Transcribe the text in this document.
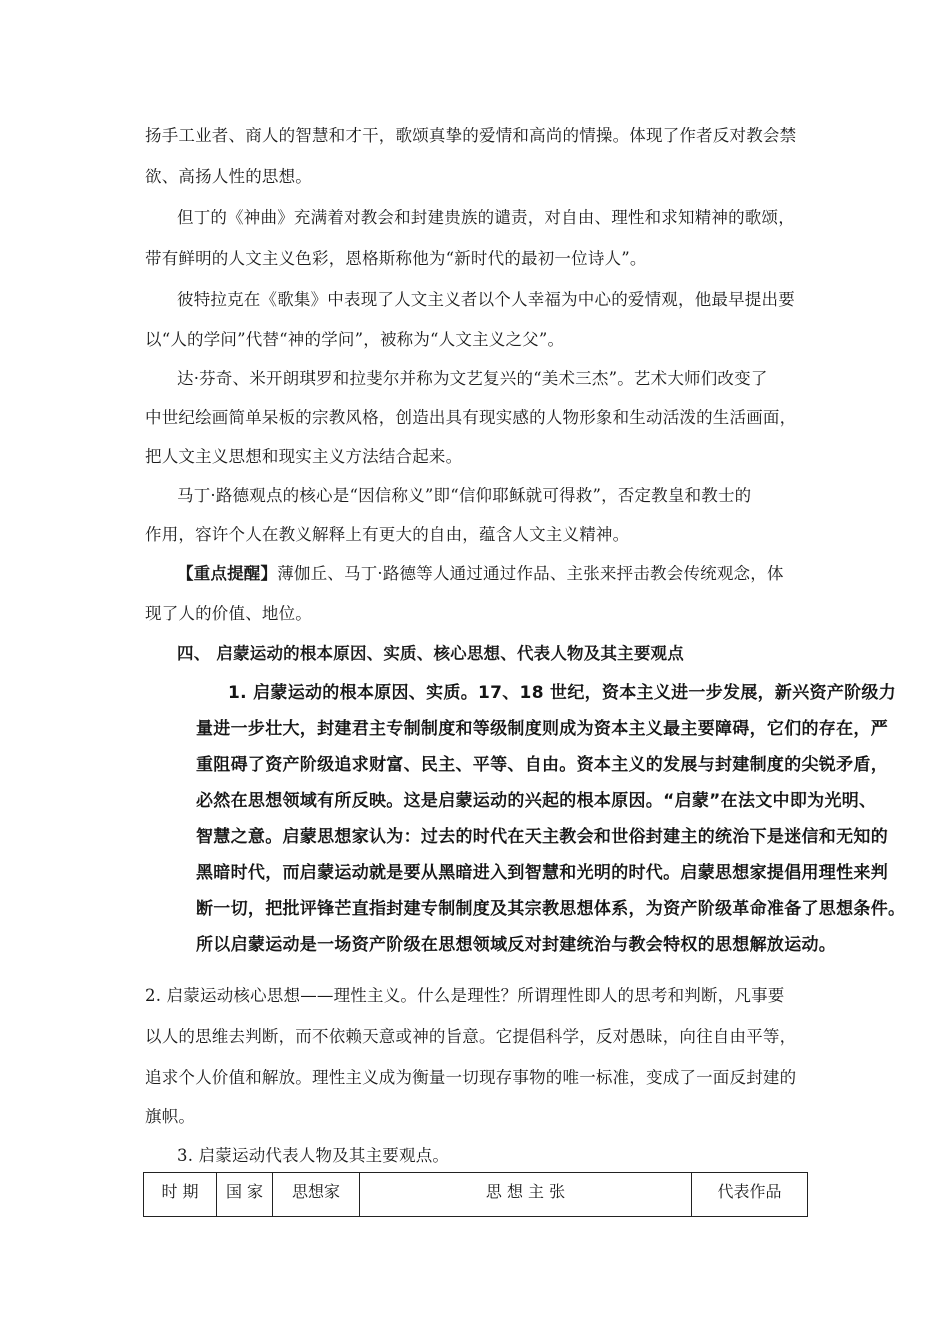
扬手工业者、商人的智慧和才干，歌颂真挚的爱情和高尚的情操。体现了作者反对教会禁
欲、高扬人性的思想。
但丁的《神曲》充满着对教会和封建贵族的谴责，对自由、理性和求知精神的歌颂，
带有鲜明的人文主义色彩，恩格斯称他为“新时代的最初一位诗人”。
彼特拉克在《歌集》中表现了人文主义者以个人幸福为中心的爱情观，他最早提出要
以“人的学问”代替“神的学问”，被称为“人文主义之父”。
达·芬奇、米开朗琪罗和拉斐尔并称为文艺复兴的“美术三杰”。艺术大师们改变了
中世纪绘画简单呆板的宗教风格，创造出具有现实感的人物形象和生动活泼的生活画面，
把人文主义思想和现实主义方法结合起来。
马丁·路德观点的核心是“因信称义”即“信仰耶稣就可得救”，否定教皇和教士的
作用，容许个人在教义解释上有更大的自由，蕴含人文主义精神。
【重点提醒】薄伽丘、马丁·路德等人通过通过作品、主张来抨击教会传统观念，体
现了人的价值、地位。
四、 启蒙运动的根本原因、实质、核心思想、代表人物及其主要观点
1. 启蒙运动的根本原因、实质。17、18 世纪，资本主义进一步发展，新兴资产阶级力
量进一步壮大，封建君主专制制度和等级制度则成为资本主义最主要障碍，它们的存在，严
重阻碍了资产阶级追求财富、民主、平等、自由。资本主义的发展与封建制度的尖锐矛盾，
必然在思想领域有所反映。这是启蒙运动的兴起的根本原因。“启蒙”在法文中即为光明、
智慧之意。启蒙思想家认为：过去的时代在天主教会和世俗封建主的统治下是迷信和无知的
黑暗时代，而启蒙运动就是要从黑暗进入到智慧和光明的时代。启蒙思想家提倡用理性来判
断一切，把批评锋芒直指封建专制制度及其宗教思想体系，为资产阶级革命准备了思想条件。
所以启蒙运动是一场资产阶级在思想领域反对封建统治与教会特权的思想解放运动。
2. 启蒙运动核心思想——理性主义。什么是理性？所谓理性即人的思考和判断，凡事要
以人的思维去判断，而不依赖天意或神的旨意。它提倡科学，反对愚昧，向往自由平等，
追求个人价值和解放。理性主义成为衡量一切现存事物的唯一标准，变成了一面反封建的
旗帜。
3. 启蒙运动代表人物及其主要观点。
时 期	国 家	思想家	思 想 主 张	代表作品
